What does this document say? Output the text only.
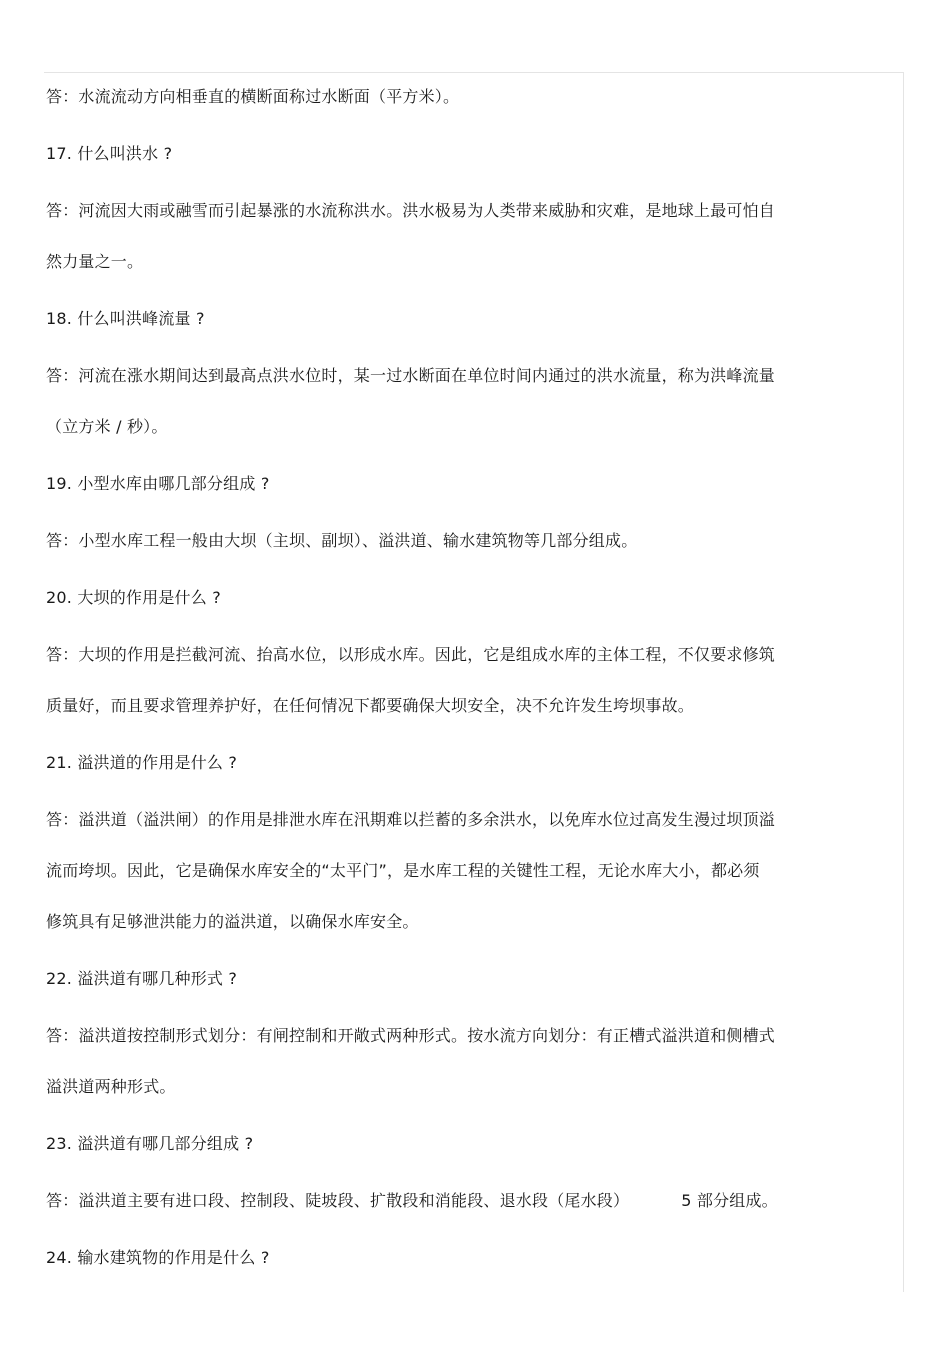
答：水流流动方向相垂直的横断面称过水断面（平方米）。
17. 什么叫洪水 ?
答：河流因大雨或融雪而引起暴涨的水流称洪水。洪水极易为人类带来威胁和灾难，是地球上最可怕自
然力量之一。
18. 什么叫洪峰流量 ?
答：河流在涨水期间达到最高点洪水位时，某一过水断面在单位时间内通过的洪水流量，称为洪峰流量
（立方米 / 秒）。
19. 小型水库由哪几部分组成 ?
答：小型水库工程一般由大坝（主坝、副坝）、溢洪道、输水建筑物等几部分组成。
20. 大坝的作用是什么 ?
答：大坝的作用是拦截河流、抬高水位，以形成水库。因此，它是组成水库的主体工程，不仅要求修筑
质量好，而且要求管理养护好，在任何情况下都要确保大坝安全，决不允许发生垮坝事故。
21. 溢洪道的作用是什么 ?
答：溢洪道（溢洪闸）的作用是排泄水库在汛期难以拦蓄的多余洪水，以免库水位过高发生漫过坝顶溢
流而垮坝。因此，它是确保水库安全的“太平门”，是水库工程的关键性工程，无论水库大小，都必须
修筑具有足够泄洪能力的溢洪道，以确保水库安全。
22. 溢洪道有哪几种形式 ?
答：溢洪道按控制形式划分：有闸控制和开敞式两种形式。按水流方向划分：有正槽式溢洪道和侧槽式
溢洪道两种形式。
23. 溢洪道有哪几部分组成 ?
答：溢洪道主要有进口段、控制段、陡坡段、扩散段和消能段、退水段（尾水段）	5 部分组成。
24. 输水建筑物的作用是什么 ?
